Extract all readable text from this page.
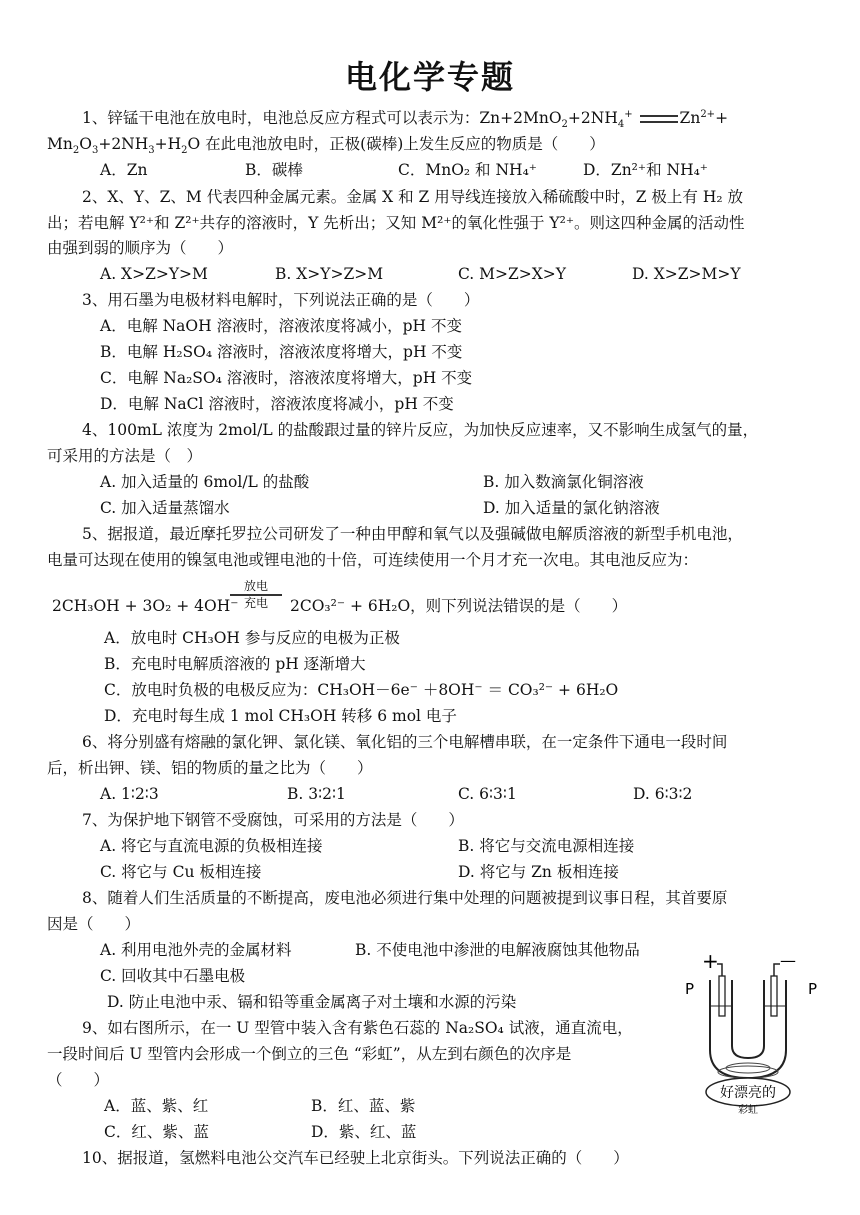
电化学专题
1、锌锰干电池在放电时，电池总反应方程式可以表示为：$Zn+2MnO_2+2NH_4^+$	$Zn^{2+}+$
$Mn_2O_3+2NH_3+H_2O$ 在此电池放电时，正极(碳棒)上发生反应的物质是（　　）
A．Zn	B．碳棒	C．MnO₂ 和 NH₄⁺	D．Zn²⁺和 NH₄⁺
2、X、Y、Z、M 代表四种金属元素。金属 X 和 Z 用导线连接放入稀硫酸中时，Z 极上有 H₂ 放
出；若电解 Y²⁺和 Z²⁺共存的溶液时，Y 先析出；又知 M²⁺的氧化性强于 Y²⁺。则这四种金属的活动性
由强到弱的顺序为（　　）
A. X>Z>Y>M	B. X>Y>Z>M	C. M>Z>X>Y	D. X>Z>M>Y
3、用石墨为电极材料电解时，下列说法正确的是（　　）
A．电解 NaOH 溶液时，溶液浓度将减小，pH 不变
B．电解 H₂SO₄ 溶液时，溶液浓度将增大，pH 不变
C．电解 Na₂SO₄ 溶液时，溶液浓度将增大，pH 不变
D．电解 NaCl 溶液时，溶液浓度将减小，pH 不变
4、100mL 浓度为 2mol/L 的盐酸跟过量的锌片反应，为加快反应速率，又不影响生成氢气的量，
可采用的方法是（　）
A. 加入适量的 6mol/L 的盐酸	B. 加入数滴氯化铜溶液
C. 加入适量蒸馏水	D. 加入适量的氯化钠溶液
5、据报道，最近摩托罗拉公司研发了一种由甲醇和氧气以及强碱做电解质溶液的新型手机电池，
电量可达现在使用的镍氢电池或锂电池的十倍，可连续使用一个月才充一次电。其电池反应为：
2CH₃OH + 3O₂ + 4OH⁻
放电
充电	2CO₃²⁻ + 6H₂O，则下列说法错误的是（　　）
A．放电时 CH₃OH 参与反应的电极为正极
B．充电时电解质溶液的 pH 逐渐增大
C．放电时负极的电极反应为：CH₃OH－6e⁻ ＋8OH⁻ ＝ CO₃²⁻ + 6H₂O
D．充电时每生成 1 mol CH₃OH 转移 6 mol 电子
6、将分别盛有熔融的氯化钾、氯化镁、氧化铝的三个电解槽串联，在一定条件下通电一段时间
后，析出钾、镁、铝的物质的量之比为（　　）
A. 1∶2∶3	B. 3∶2∶1	C. 6∶3∶1	D. 6∶3∶2
7、为保护地下钢管不受腐蚀，可采用的方法是（　　）
A. 将它与直流电源的负极相连接	B. 将它与交流电源相连接
C. 将它与 Cu 板相连接	D. 将它与 Zn 板相连接
8、随着人们生活质量的不断提高，废电池必须进行集中处理的问题被提到议事日程，其首要原
因是（　　）
A. 利用电池外壳的金属材料	B. 不使电池中渗泄的电解液腐蚀其他物品
C. 回收其中石墨电极
D. 防止电池中汞、镉和铅等重金属离子对土壤和水源的污染
9、如右图所示，在一 U 型管中装入含有紫色石蕊的 Na₂SO₄ 试液，通直流电，
一段时间后 U 型管内会形成一个倒立的三色 “彩虹”，从左到右颜色的次序是
（　　）
A．蓝、紫、红	B．红、蓝、紫
C．红、紫、蓝	D．紫、红、蓝
10、据报道，氢燃料电池公交汽车已经驶上北京街头。下列说法正确的（　　）
+	—
P	P
好漂亮的
彩虹
